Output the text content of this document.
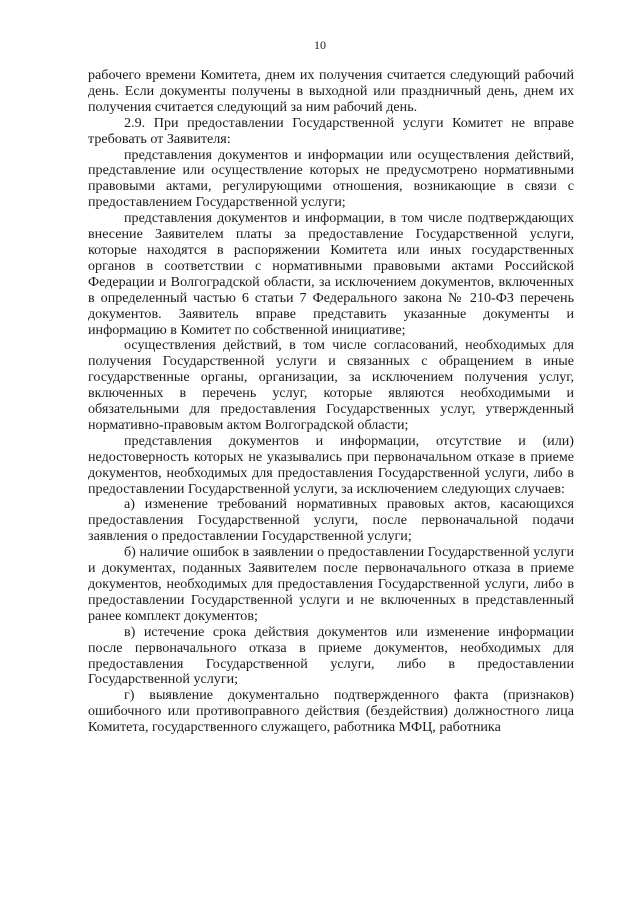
10

рабочего времени Комитета, днем их получения считается следующий рабочий день. Если документы получены в выходной или праздничный день, днем их получения считается следующий за ним рабочий день.

2.9. При предоставлении Государственной услуги Комитет не вправе требовать от Заявителя:

представления документов и информации или осуществления действий, представление или осуществление которых не предусмотрено нормативными правовыми актами, регулирующими отношения, возникающие в связи с предоставлением Государственной услуги;

представления документов и информации, в том числе подтверждающих внесение Заявителем платы за предоставление Государственной услуги, которые находятся в распоряжении Комитета или иных государственных органов в соответствии с нормативными правовыми актами Российской Федерации и Волгоградской области, за исключением документов, включенных в определенный частью 6 статьи 7 Федерального закона № 210-ФЗ перечень документов. Заявитель вправе представить указанные документы и информацию в Комитет по собственной инициативе;

осуществления действий, в том числе согласований, необходимых для получения Государственной услуги и связанных с обращением в иные государственные органы, организации, за исключением получения услуг, включенных в перечень услуг, которые являются необходимыми и обязательными для предоставления Государственных услуг, утвержденный нормативно-правовым актом Волгоградской области;

представления документов и информации, отсутствие и (или) недостоверность которых не указывались при первоначальном отказе в приеме документов, необходимых для предоставления Государственной услуги, либо в предоставлении Государственной услуги, за исключением следующих случаев:

а) изменение требований нормативных правовых актов, касающихся предоставления Государственной услуги, после первоначальной подачи заявления о предоставлении Государственной услуги;

б) наличие ошибок в заявлении о предоставлении Государственной услуги и документах, поданных Заявителем после первоначального отказа в приеме документов, необходимых для предоставления Государственной услуги, либо в предоставлении Государственной услуги и не включенных в представленный ранее комплект документов;

в) истечение срока действия документов или изменение информации после первоначального отказа в приеме документов, необходимых для предоставления Государственной услуги, либо в предоставлении Государственной услуги;

г) выявление документально подтвержденного факта (признаков) ошибочного или противоправного действия (бездействия) должностного лица Комитета, государственного служащего, работника МФЦ, работника
